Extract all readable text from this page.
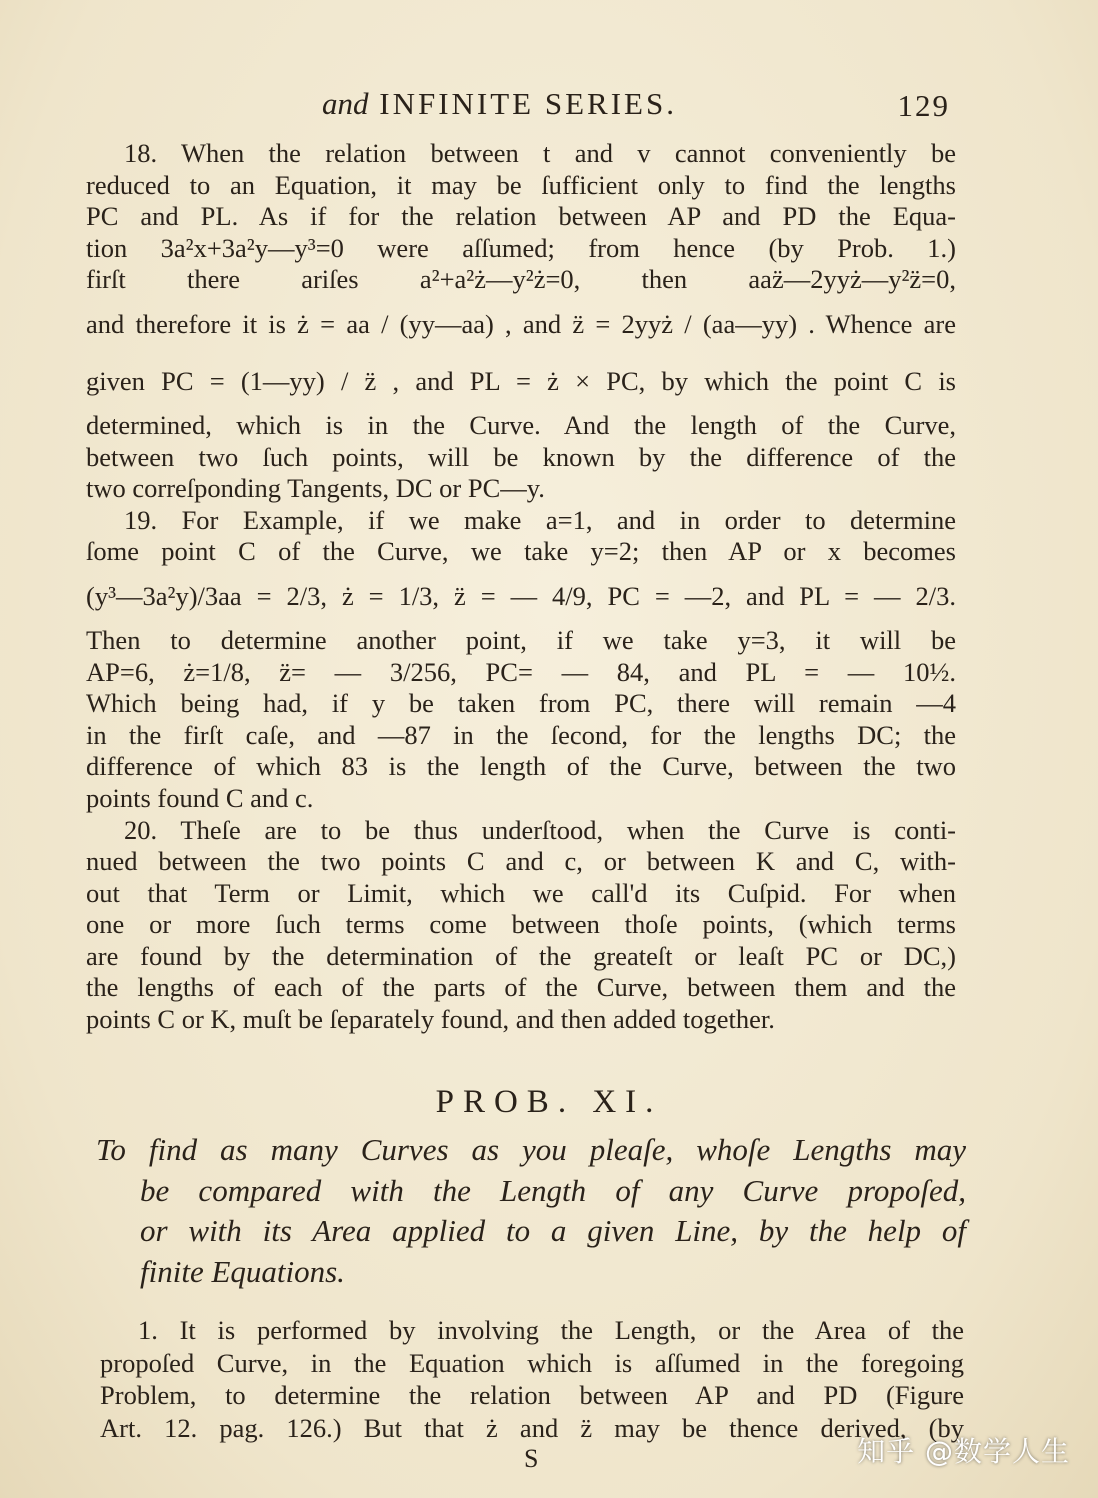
and INFINITE SERIES.	129
18. When the relation between t and v cannot conveniently be
reduced to an Equation, it may be ſufficient only to find the lengths
PC and PL. As if for the relation between AP and PD the Equa-
tion 3a²x+3a²y—y³=0 were aſſumed; from hence (by Prob. 1.)
firſt there ariſes a²+a²ż—y²ż=0, then aaz̈—2yyż—y²z̈=0,
and therefore it is ż = aa / (yy—aa) , and z̈ = 2yyż / (aa—yy) . Whence are
given PC = (1—yy) / z̈ , and PL = ż × PC, by which the point C is
determined, which is in the Curve. And the length of the Curve,
between two ſuch points, will be known by the difference of the
two correſponding Tangents, DC or PC—y.
19. For Example, if we make a=1, and in order to determine
ſome point C of the Curve, we take y=2; then AP or x becomes
(y³—3a²y)/3aa = 2/3, ż = 1/3, z̈ = — 4/9, PC = —2, and PL = — 2/3.
Then to determine another point, if we take y=3, it will be
AP=6, ż=1/8, z̈= — 3/256, PC= — 84, and PL = — 10½.
Which being had, if y be taken from PC, there will remain —4
in the firſt caſe, and —87 in the ſecond, for the lengths DC; the
difference of which 83 is the length of the Curve, between the two
points found C and c.
20. Theſe are to be thus underſtood, when the Curve is conti-
nued between the two points C and c, or between K and C, with-
out that Term or Limit, which we call'd its Cuſpid. For when
one or more ſuch terms come between thoſe points, (which terms
are found by the determination of the greateſt or leaſt PC or DC,)
the lengths of each of the parts of the Curve, between them and the
points C or K, muſt be ſeparately found, and then added together.
PROB. XI.
To find as many Curves as you pleaſe, whoſe Lengths may
be compared with the Length of any Curve propoſed,
or with its Area applied to a given Line, by the help of
finite Equations.
1. It is performed by involving the Length, or the Area of the
propoſed Curve, in the Equation which is aſſumed in the foregoing
Problem, to determine the relation between AP and PD (Figure
Art. 12. pag. 126.) But that ż and z̈ may be thence derived, (by
S	知乎 @数学人生
